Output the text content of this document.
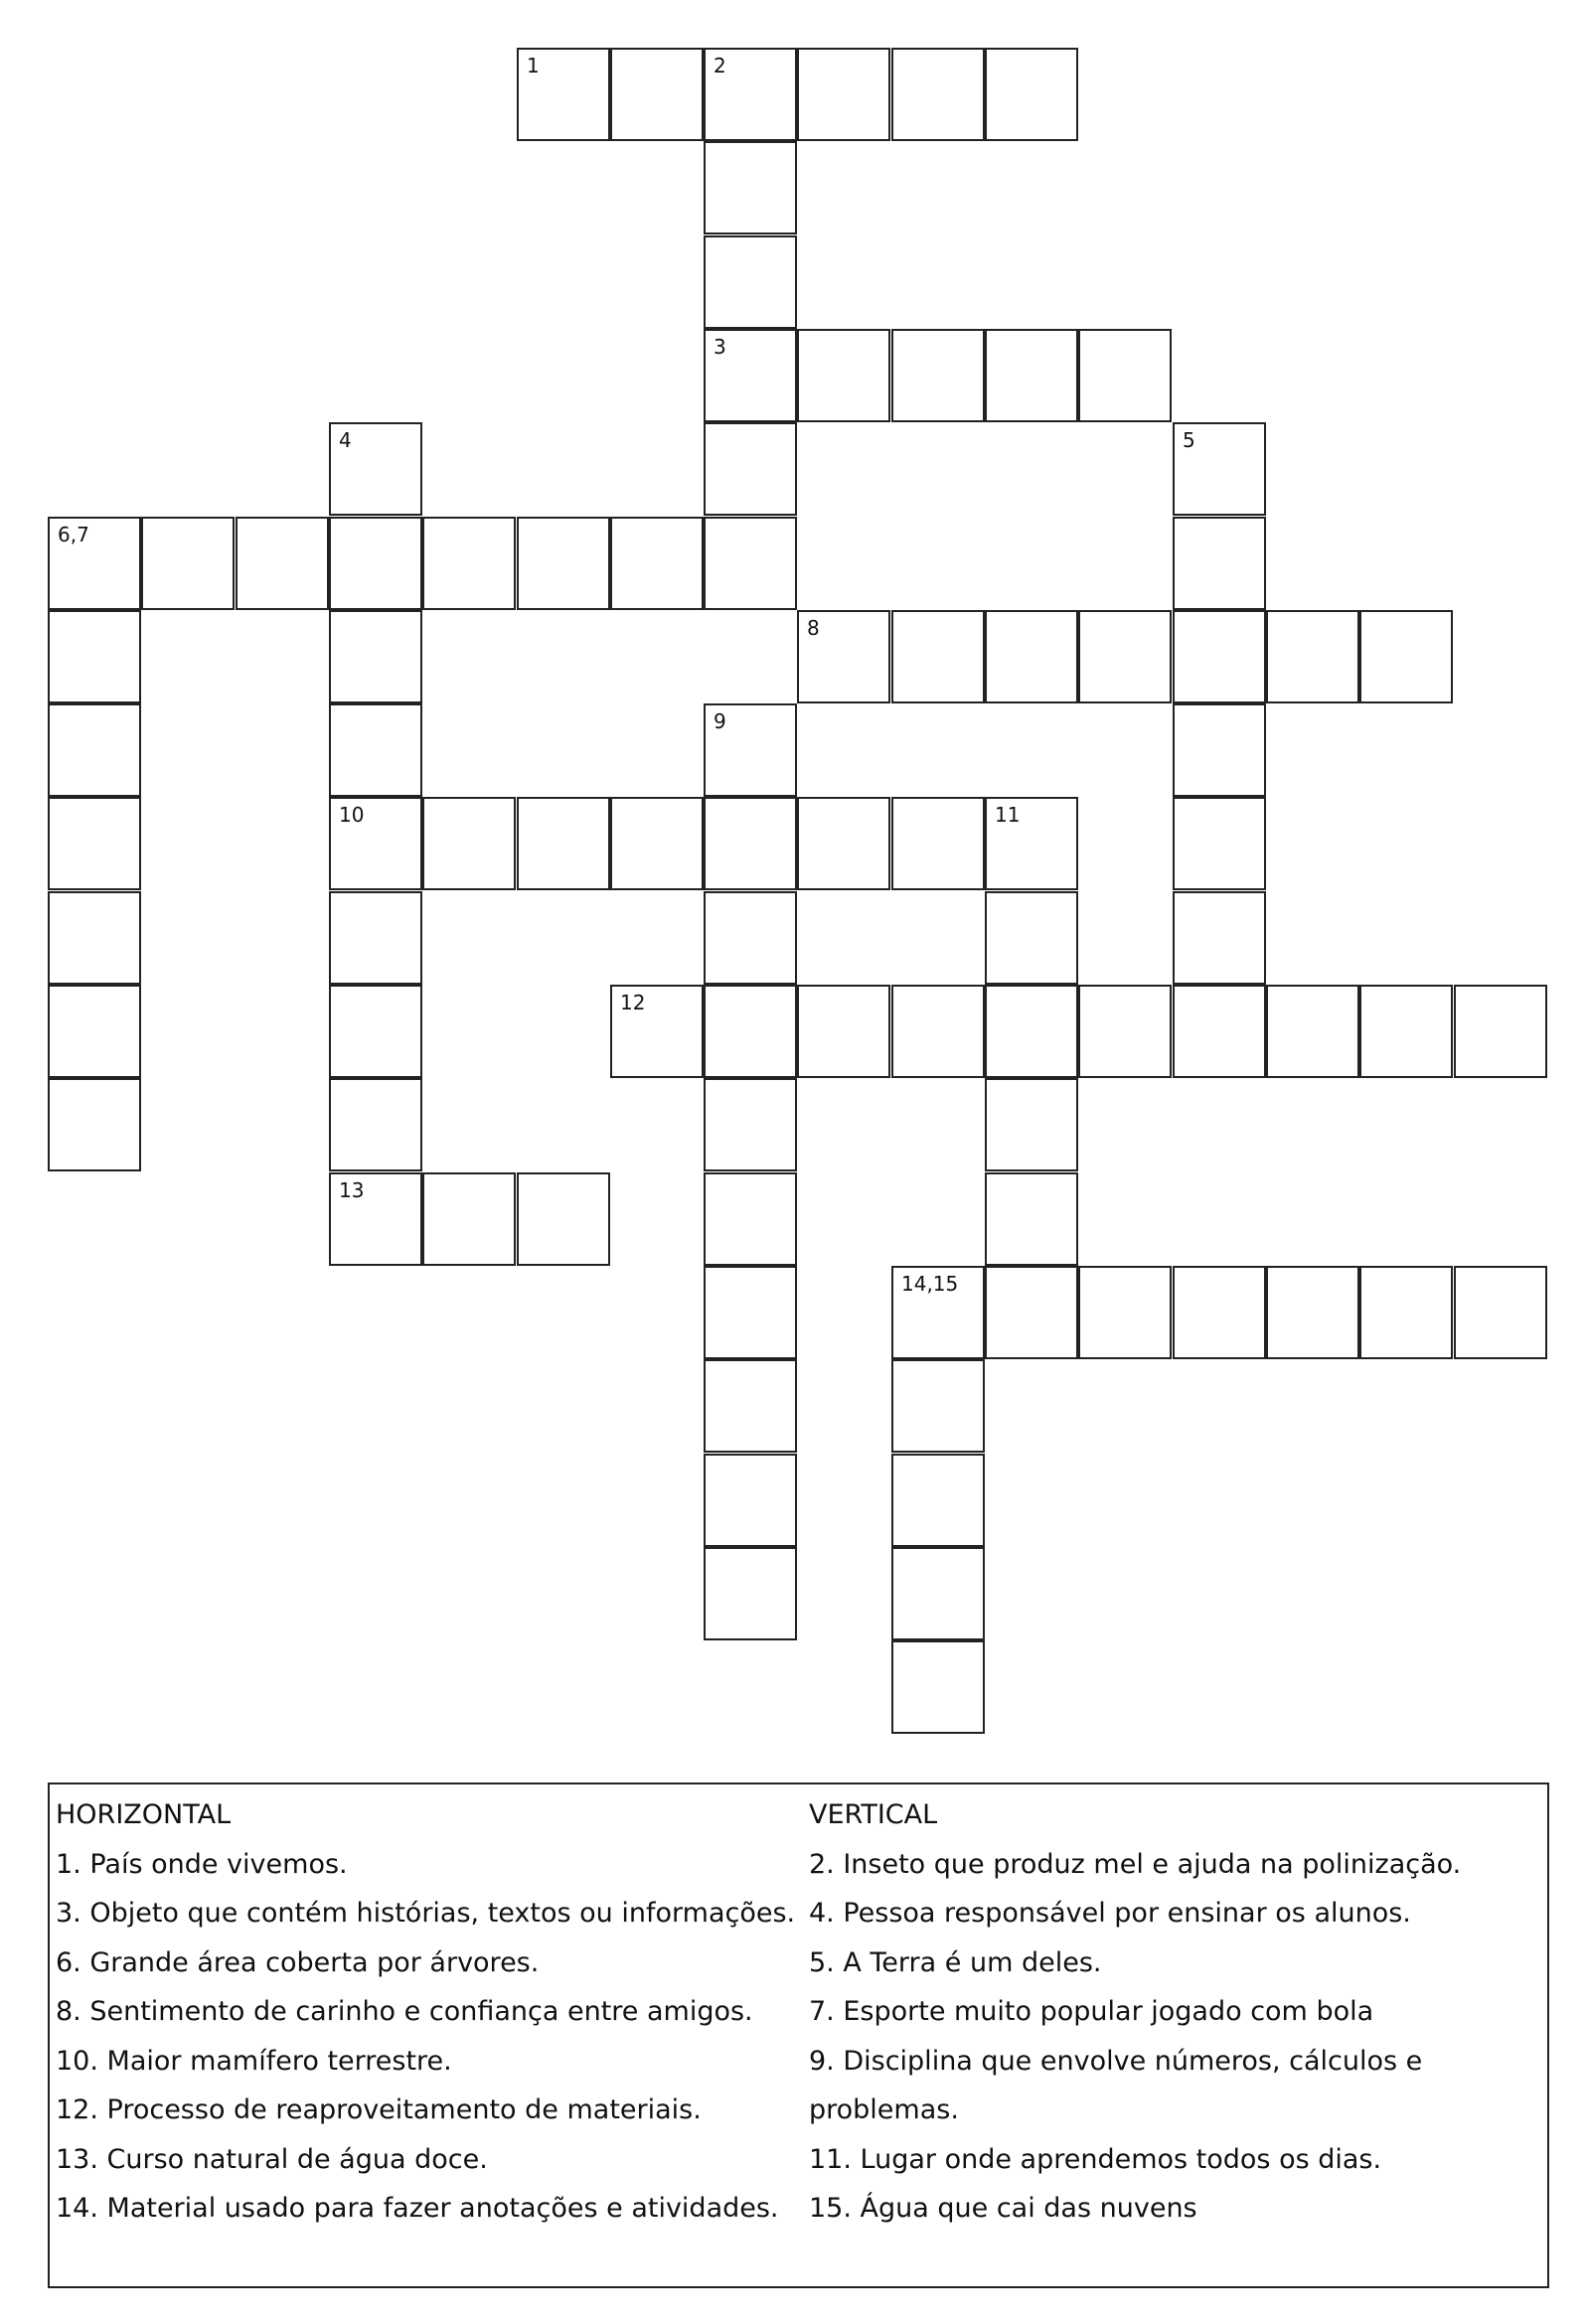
1	2
3
6,7
8
10	11
12
13
14,15
4	5
9
HORIZONTAL
1. País onde vivemos.
3. Objeto que contém histórias, textos ou informações.
6. Grande área coberta por árvores.
8. Sentimento de carinho e confiança entre amigos.
10. Maior mamífero terrestre.
12. Processo de reaproveitamento de materiais.
13. Curso natural de água doce.
14. Material usado para fazer anotações e atividades.
VERTICAL
2. Inseto que produz mel e ajuda na polinização.
4. Pessoa responsável por ensinar os alunos.
5. A Terra é um deles.
7. Esporte muito popular jogado com bola
9. Disciplina que envolve números, cálculos e problemas.
11. Lugar onde aprendemos todos os dias.
15. Água que cai das nuvens
